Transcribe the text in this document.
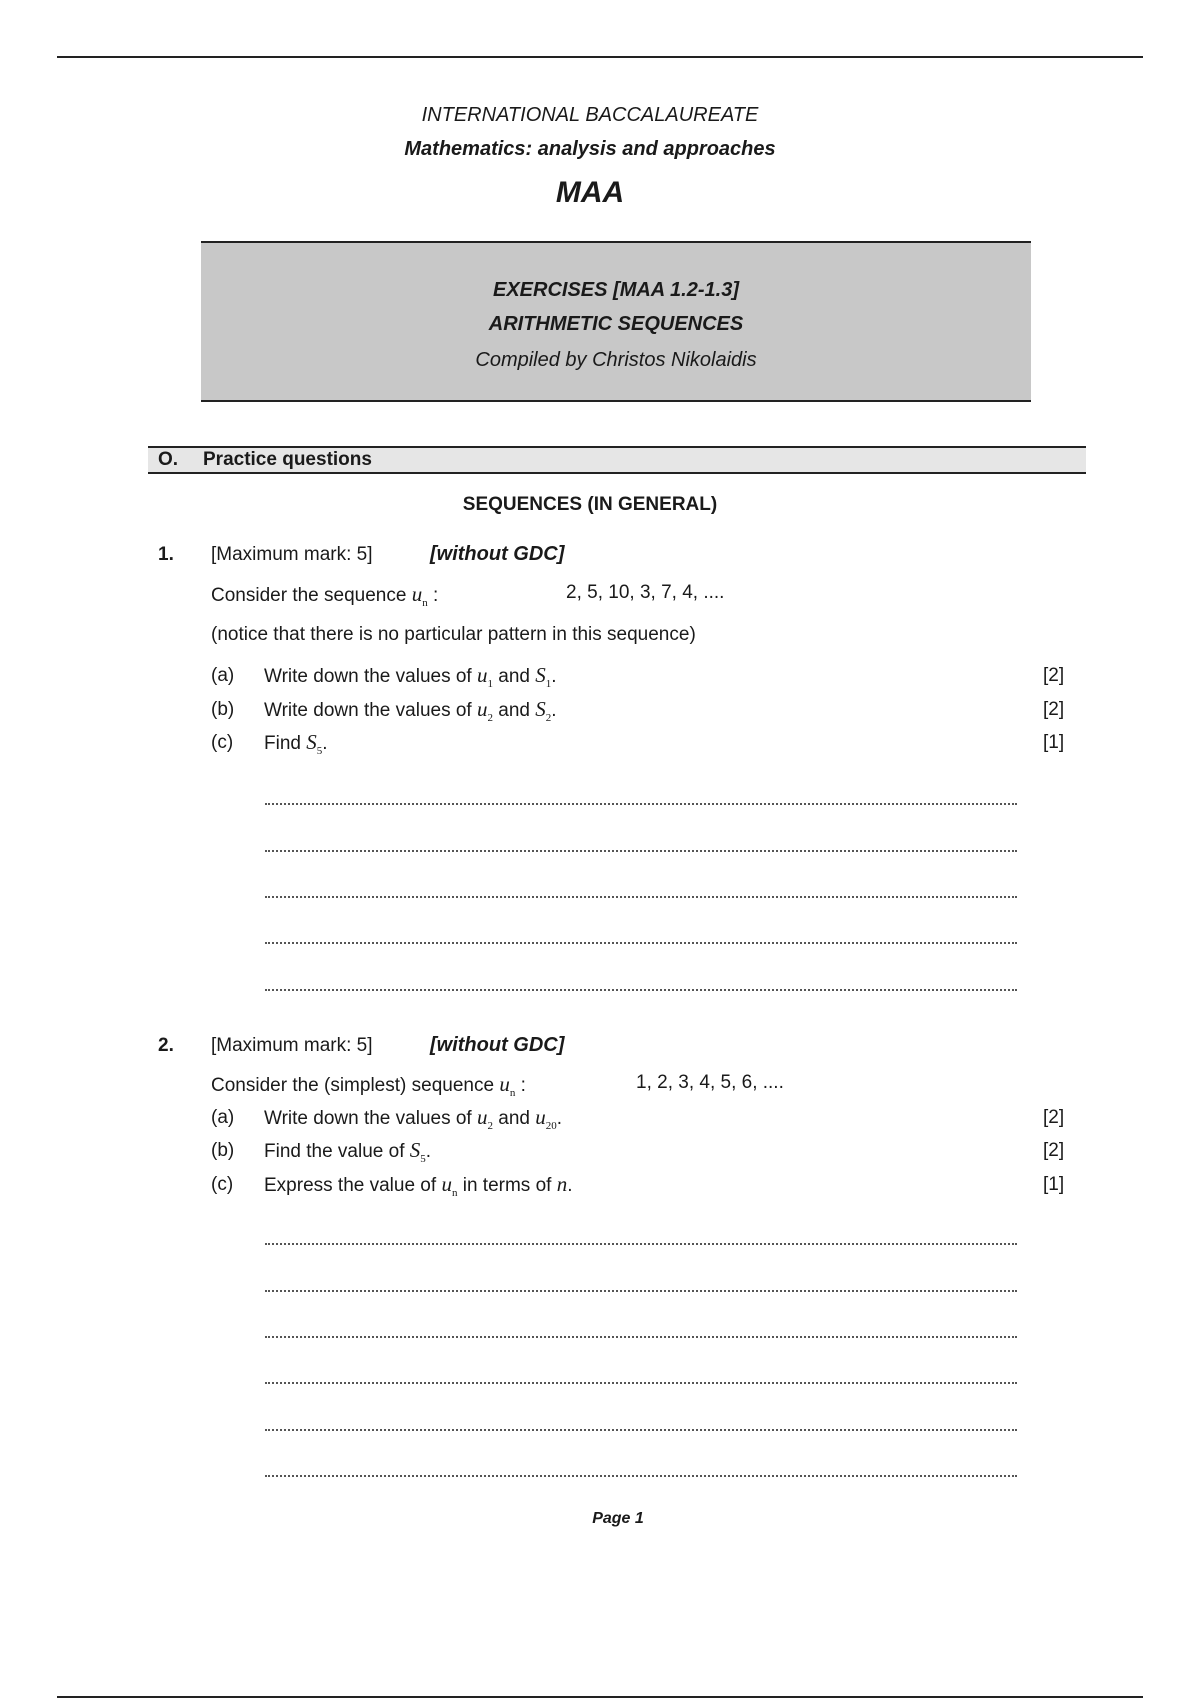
INTERNATIONAL BACCALAUREATE
Mathematics: analysis and approaches
MAA
EXERCISES [MAA 1.2-1.3]
ARITHMETIC SEQUENCES
Compiled by Christos Nikolaidis
O. Practice questions
SEQUENCES (IN GENERAL)
1. [Maximum mark: 5]	[without GDC]
Consider the sequence $u_n$ :	2, 5, 10, 3, 7, 4, ....
(notice that there is no particular pattern in this sequence)
(a) Write down the values of $u_1$ and $S_1$.	[2]
(b) Write down the values of $u_2$ and $S_2$.	[2]
(c) Find $S_5$.	[1]
2. [Maximum mark: 5]	[without GDC]
Consider the (simplest) sequence $u_n$ :	1, 2, 3, 4, 5, 6, ....
(a) Write down the values of $u_2$ and $u_{20}$.	[2]
(b) Find the value of $S_5$.	[2]
(c) Express the value of $u_n$ in terms of n.	[1]
Page 1
